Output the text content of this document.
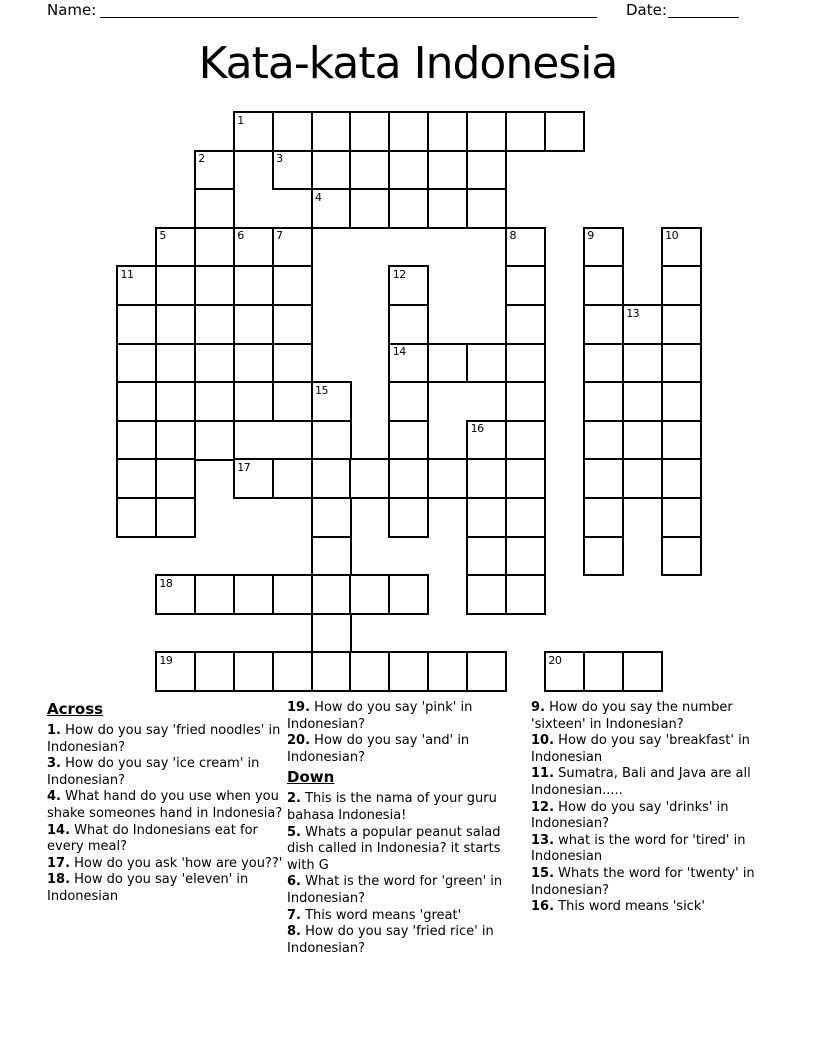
Name:	Date:
Kata-kata Indonesia
1
2	3
4
5	6	7	8	9	10
11	12
13
14
15
16
17
18
19	20
Across

1. How do you say 'fried noodles' in Indonesian?

3. How do you say 'ice cream' in Indonesian?

4. What hand do you use when you shake someones hand in Indonesia?

14. What do Indonesians eat for every meal?

17. How do you ask 'how are you??'

18. How do you say 'eleven' in Indonesian

19. How do you say 'pink' in Indonesian?

20. How do you say 'and' in Indonesian?

Down

2. This is the nama of your guru bahasa Indonesia!

5. Whats a popular peanut salad dish called in Indonesia? it starts with G

6. What is the word for 'green' in Indonesian?

7. This word means 'great'

8. How do you say 'fried rice' in Indonesian?

9. How do you say the number 'sixteen' in Indonesian?

10. How do you say 'breakfast' in Indonesian

11. Sumatra, Bali and Java are all Indonesian.....

12. How do you say 'drinks' in Indonesian?

13. what is the word for 'tired' in Indonesian

15. Whats the word for 'twenty' in Indonesian?

16. This word means 'sick'
